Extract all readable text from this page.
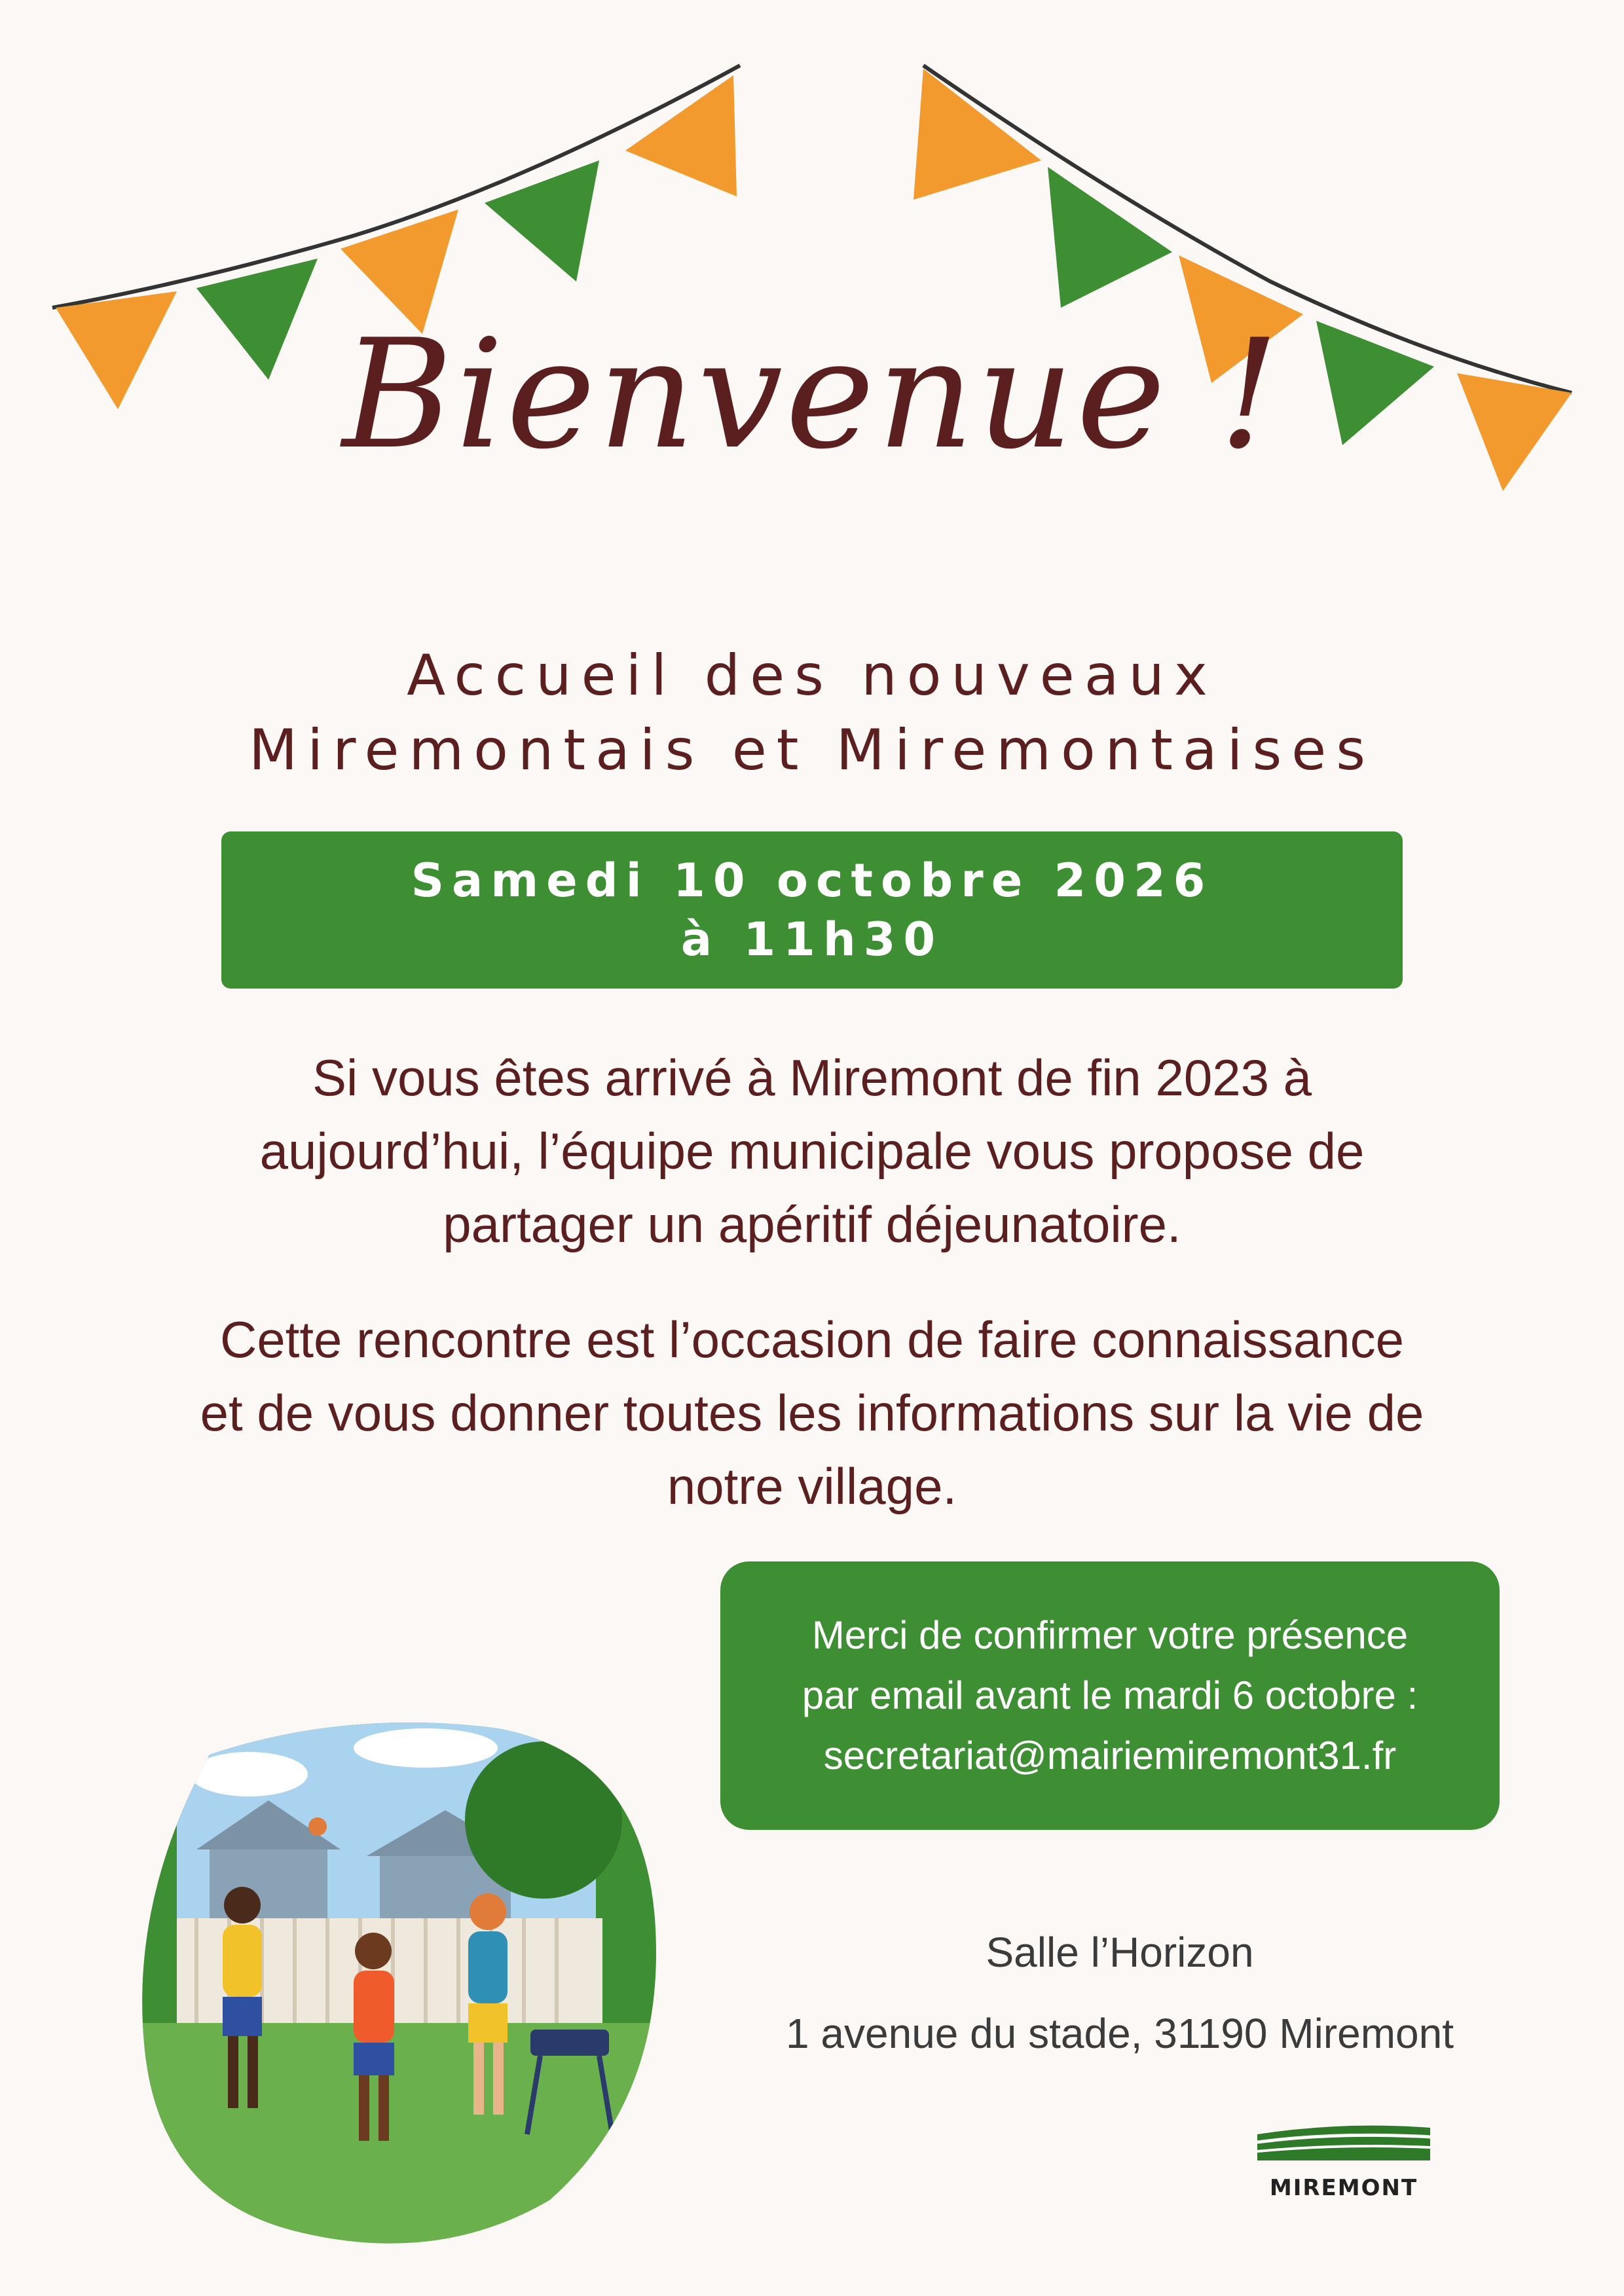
Bienvenue !
Accueil des nouveaux
Miremontais et Miremontaises
Samedi 10 octobre 2026
à 11h30
Si vous êtes arrivé à Miremont de fin 2023 à
aujourd’hui, l’équipe municipale vous propose de
partager un apéritif déjeunatoire.
Cette rencontre est l’occasion de faire connaissance
et de vous donner toutes les informations sur la vie de
notre village.
Merci de confirmer votre présence
par email avant le mardi 6 octobre :
secretariat@mairiemiremont31.fr
Salle l’Horizon
1 avenue du stade, 31190 Miremont
MIREMONT
